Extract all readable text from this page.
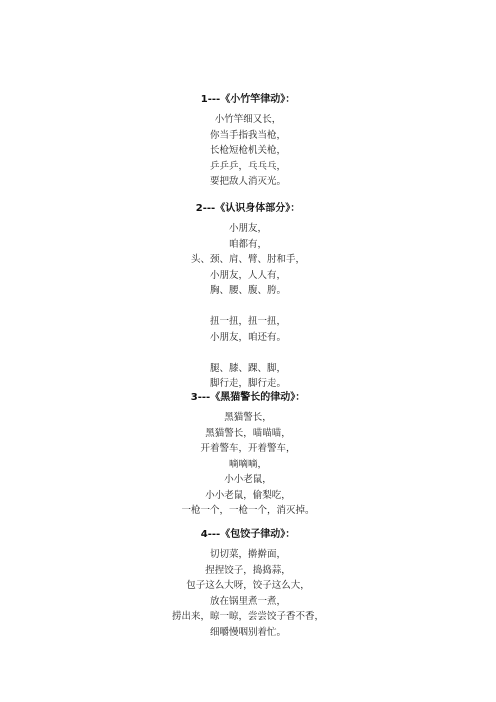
1---《小竹竿律动》：
小竹竿细又长，
你当手指我当枪，
长枪短枪机关枪，
乒乒乒，乓乓乓，
要把敌人消灭光。
2---《认识身体部分》：
小朋友，
咱都有，
头、颈、肩、臂、肘和手，
小朋友，人人有，
胸、腰、腹、胯。
扭一扭，扭一扭，
小朋友，咱还有。
腿、膝、踝、脚，
脚行走，脚行走。
3---《黑猫警长的律动》：
黑猫警长，
黑猫警长，喵喵喵，
开着警车，开着警车，
嘀嘀嘀，
小小老鼠，
小小老鼠，偷梨吃，
一枪一个，一枪一个，消灭掉。
4---《包饺子律动》：
切切菜，擀擀面，
捏捏饺子，捣捣蒜，
包子这么大呀，饺子这么大，
放在锅里煮一煮，
捞出来，晾一晾，尝尝饺子香不香，
细嚼慢咽别着忙。
